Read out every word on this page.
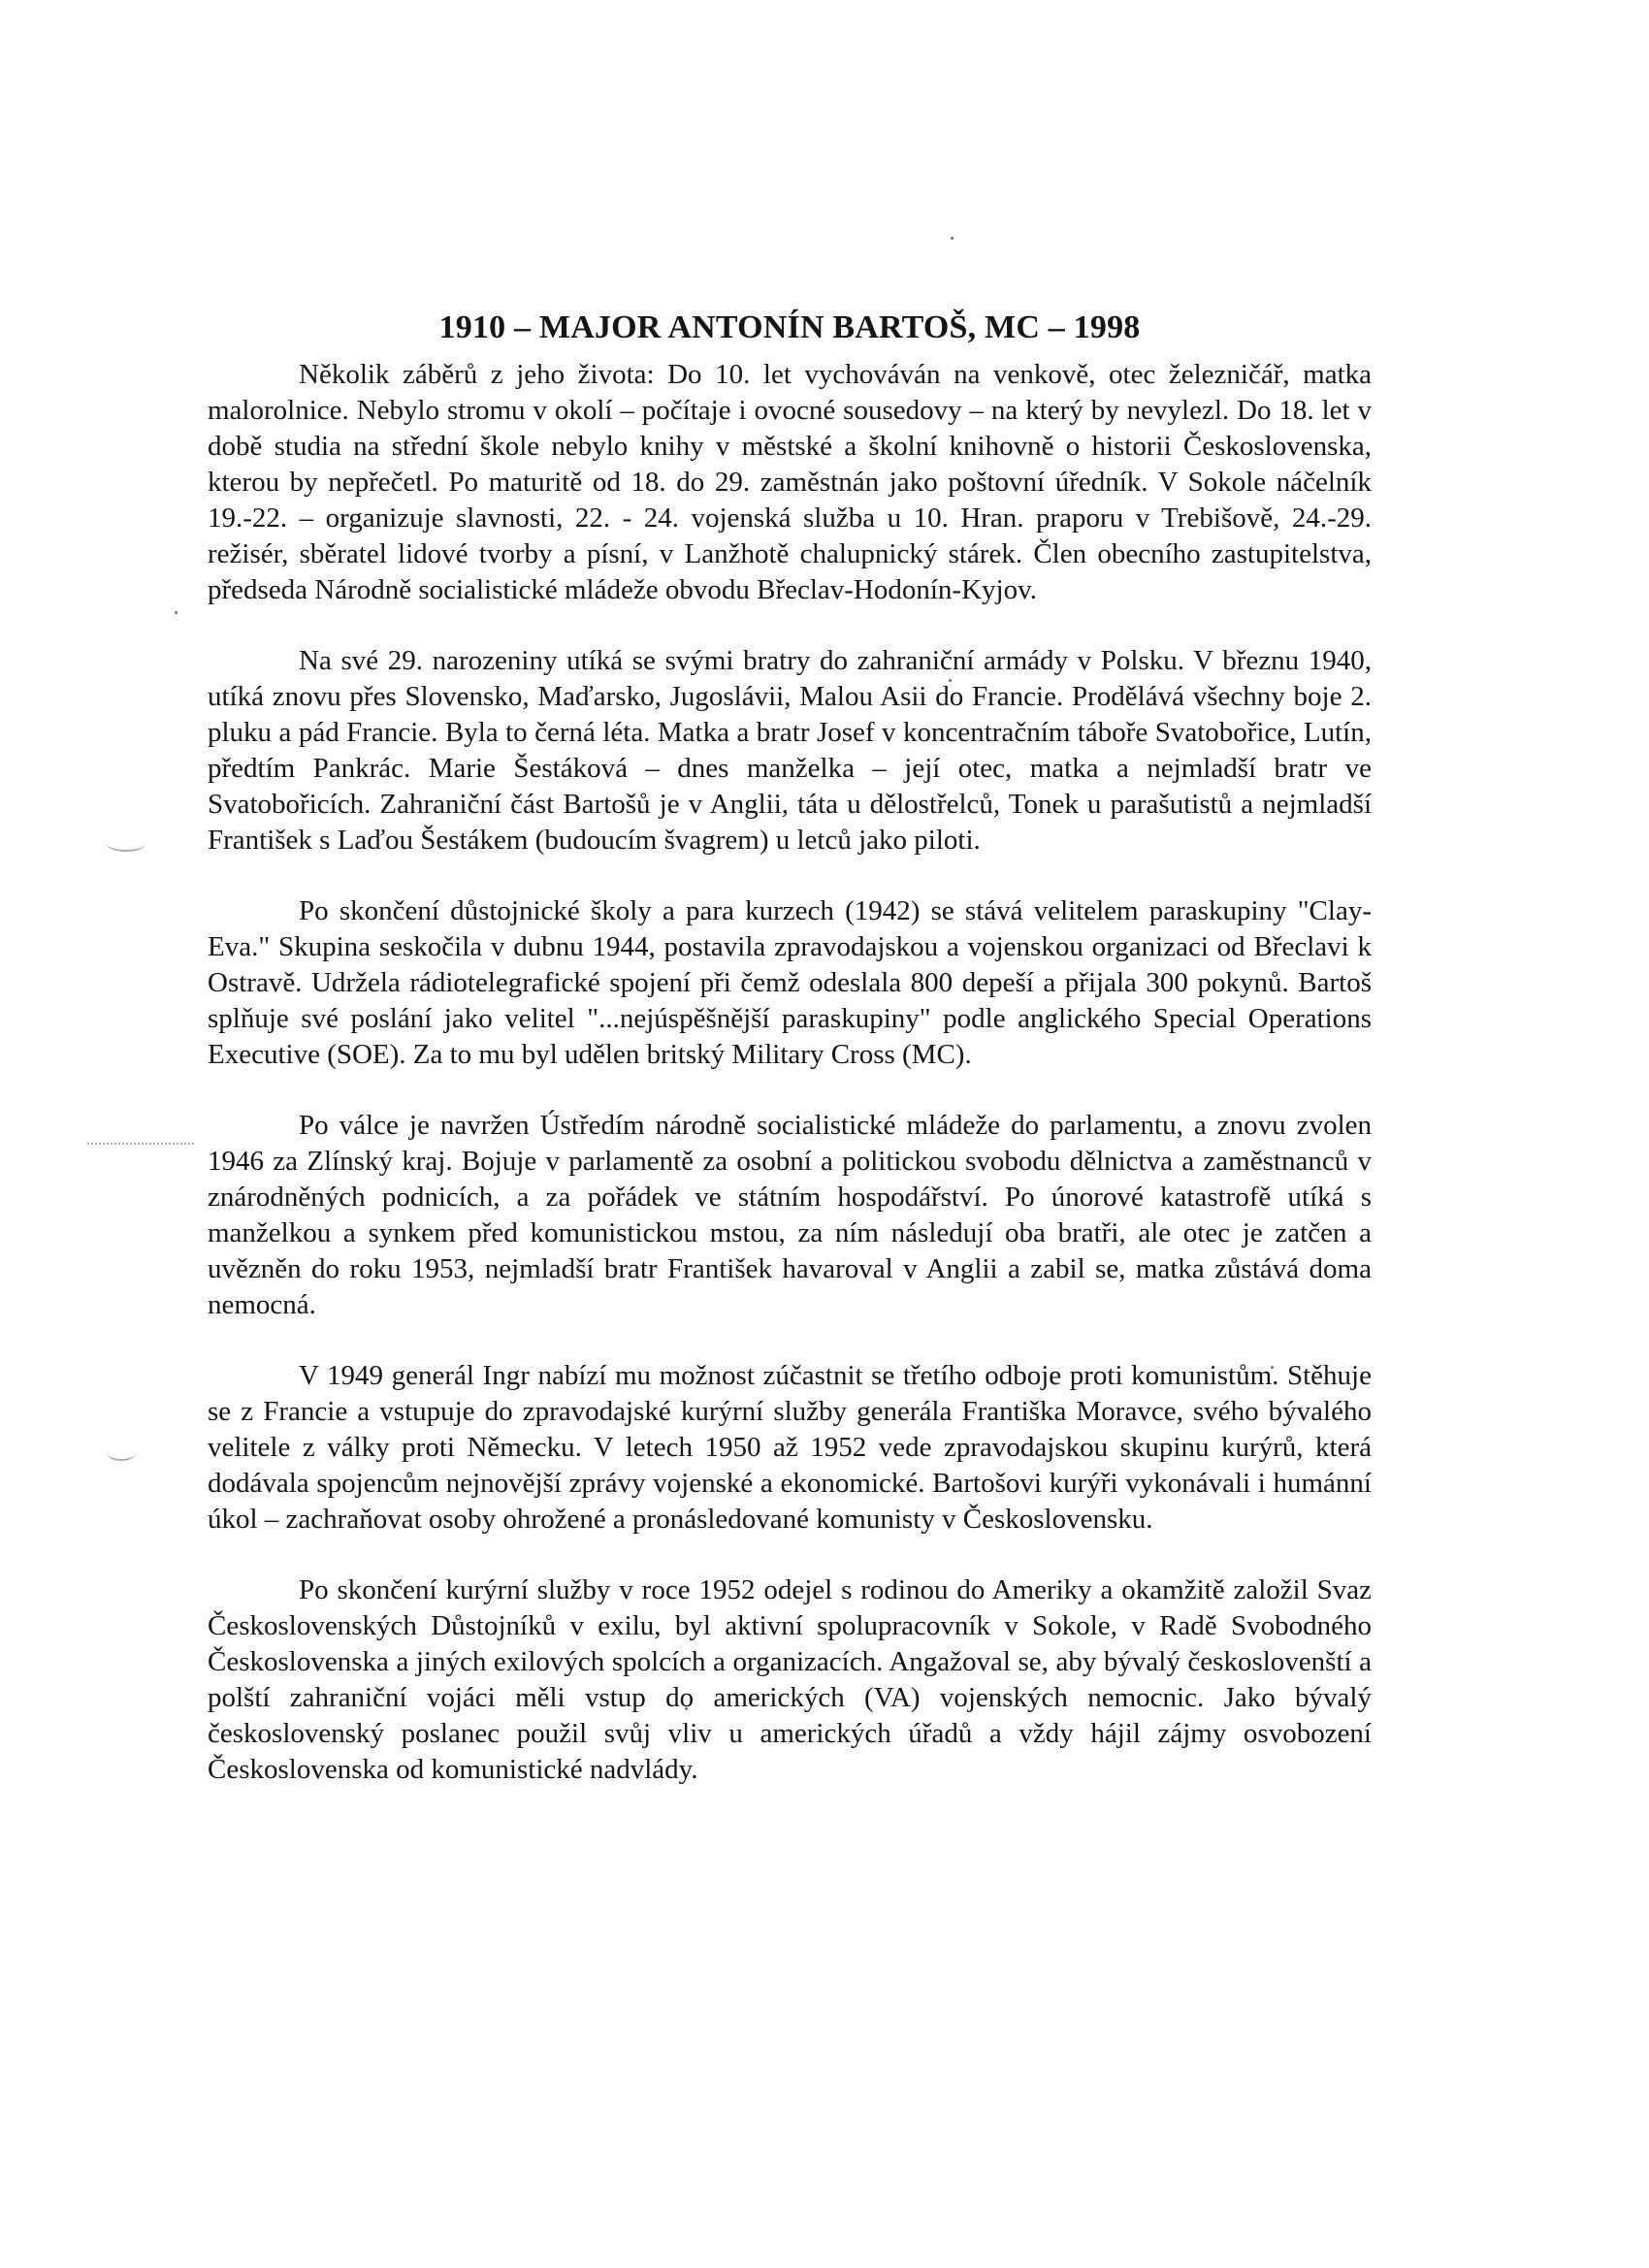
1910 – MAJOR ANTONÍN BARTOŠ, MC – 1998

Několik záběrů z jeho života: Do 10. let vychováván na venkově, otec železničář, matka malorolnice. Nebylo stromu v okolí – počítaje i ovocné sousedovy – na který by nevylezl. Do 18. let v době studia na střední škole nebylo knihy v městské a školní knihovně o historii Československa, kterou by nepřečetl. Po maturitě od 18. do 29. zaměstnán jako poštovní úředník. V Sokole náčelník 19.-22. – organizuje slavnosti, 22. - 24. vojenská služba u 10. Hran. praporu v Trebišově, 24.-29. režisér, sběratel lidové tvorby a písní, v Lanžhotě chalupnický stárek. Člen obecního zastupitelstva, předseda Národně socialistické mládeže obvodu Břeclav-Hodonín-Kyjov.

Na své 29. narozeniny utíká se svými bratry do zahraniční armády v Polsku. V březnu 1940, utíká znovu přes Slovensko, Maďarsko, Jugoslávii, Malou Asii do Francie. Prodělává všechny boje 2. pluku a pád Francie. Byla to černá léta. Matka a bratr Josef v koncentračním táboře Svatobořice, Lutín, předtím Pankrác. Marie Šestáková – dnes manželka – její otec, matka a nejmladší bratr ve Svatobořicích. Zahraniční část Bartošů je v Anglii, táta u dělostřelců, Tonek u parašutistů a nejmladší František s Laďou Šestákem (budoucím švagrem) u letců jako piloti.

Po skončení důstojnické školy a para kurzech (1942) se stává velitelem paraskupiny "Clay-Eva." Skupina seskočila v dubnu 1944, postavila zpravodajskou a vojenskou organizaci od Břeclavi k Ostravě. Udržela rádiotelegrafické spojení při čemž odeslala 800 depeší a přijala 300 pokynů. Bartoš splňuje své poslání jako velitel "...nejúspěšnější paraskupiny" podle anglického Special Operations Executive (SOE). Za to mu byl udělen britský Military Cross (MC).

Po válce je navržen Ústředím národně socialistické mládeže do parlamentu, a znovu zvolen 1946 za Zlínský kraj. Bojuje v parlamentě za osobní a politickou svobodu dělnictva a zaměstnanců v znárodněných podnicích, a za pořádek ve státním hospodářství. Po únorové katastrofě utíká s manželkou a synkem před komunistickou mstou, za ním následují oba bratři, ale otec je zatčen a uvězněn do roku 1953, nejmladší bratr František havaroval v Anglii a zabil se, matka zůstává doma nemocná.

V 1949 generál Ingr nabízí mu možnost zúčastnit se třetího odboje proti komunistům. Stěhuje se z Francie a vstupuje do zpravodajské kurýrní služby generála Františka Moravce, svého bývalého velitele z války proti Německu. V letech 1950 až 1952 vede zpravodajskou skupinu kurýrů, která dodávala spojencům nejnovější zprávy vojenské a ekonomické. Bartošovi kurýři vykonávali i humánní úkol – zachraňovat osoby ohrožené a pronásledované komunisty v Československu.

Po skončení kurýrní služby v roce 1952 odejel s rodinou do Ameriky a okamžitě založil Svaz Československých Důstojníků v exilu, byl aktivní spolupracovník v Sokole, v Radě Svobodného Československa a jiných exilových spolcích a organizacích. Angažoval se, aby bývalý českoslovenští a polští zahraniční vojáci měli vstup do amerických (VA) vojenských nemocnic. Jako bývalý československý poslanec použil svůj vliv u amerických úřadů a vždy hájil zájmy osvobození Československa od komunistické nadvlády.
